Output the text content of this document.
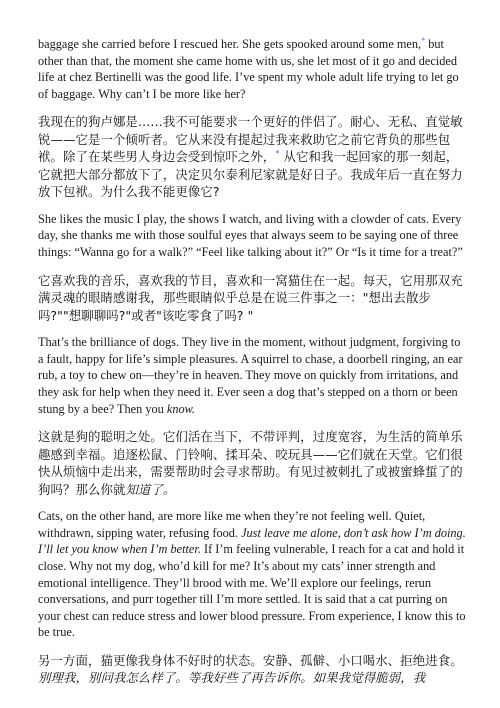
baggage she carried before I rescued her. She gets spooked around some men,* but other than that, the moment she came home with us, she let most of it go and decided life at chez Bertinelli was the good life. I’ve spent my whole adult life trying to let go of baggage. Why can’t I be more like her?

我现在的狗卢娜是……我不可能要求一个更好的伴侣了。耐心、无私、直觉敏锐——它是一个倾听者。它从来没有提起过我来救助它之前它背负的那些包袱。除了在某些男人身边会受到惊吓之外，* 从它和我一起回家的那一刻起，它就把大部分都放下了，决定贝尔泰利尼家就是好日子。我成年后一直在努力放下包袱。为什么我不能更像它?

She likes the music I play, the shows I watch, and living with a clowder of cats. Every day, she thanks me with those soulful eyes that always seem to be saying one of three things: “Wanna go for a walk?” “Feel like talking about it?” Or “Is it time for a treat?”

它喜欢我的音乐，喜欢我的节目，喜欢和一窝猫住在一起。每天，它用那双充满灵魂的眼睛感谢我，那些眼睛似乎总是在说三件事之一："想出去散步吗?""想聊聊吗?"或者"该吃零食了吗? "

That’s the brilliance of dogs. They live in the moment, without judgment, forgiving to a fault, happy for life’s simple pleasures. A squirrel to chase, a doorbell ringing, an ear rub, a toy to chew on—they’re in heaven. They move on quickly from irritations, and they ask for help when they need it. Ever seen a dog that’s stepped on a thorn or been stung by a bee? Then you know.

这就是狗的聪明之处。它们活在当下，不带评判，过度宽容，为生活的简单乐趣感到幸福。追逐松鼠、门铃响、揉耳朵、咬玩具——它们就在天堂。它们很快从烦恼中走出来，需要帮助时会寻求帮助。有见过被刺扎了或被蜜蜂蜇了的狗吗？那么你就知道了。

Cats, on the other hand, are more like me when they’re not feeling well. Quiet, withdrawn, sipping water, refusing food. Just leave me alone, don’t ask how I’m doing. I’ll let you know when I’m better. If I’m feeling vulnerable, I reach for a cat and hold it close. Why not my dog, who’d kill for me? It’s about my cats’ inner strength and emotional intelligence. They’ll brood with me. We’ll explore our feelings, rerun conversations, and purr together till I’m more settled. It is said that a cat purring on your chest can reduce stress and lower blood pressure. From experience, I know this to be true.

另一方面，猫更像我身体不好时的状态。安静、孤僻、小口喝水、拒绝进食。别理我，别问我怎么样了。等我好些了再告诉你。如果我觉得脆弱，我
